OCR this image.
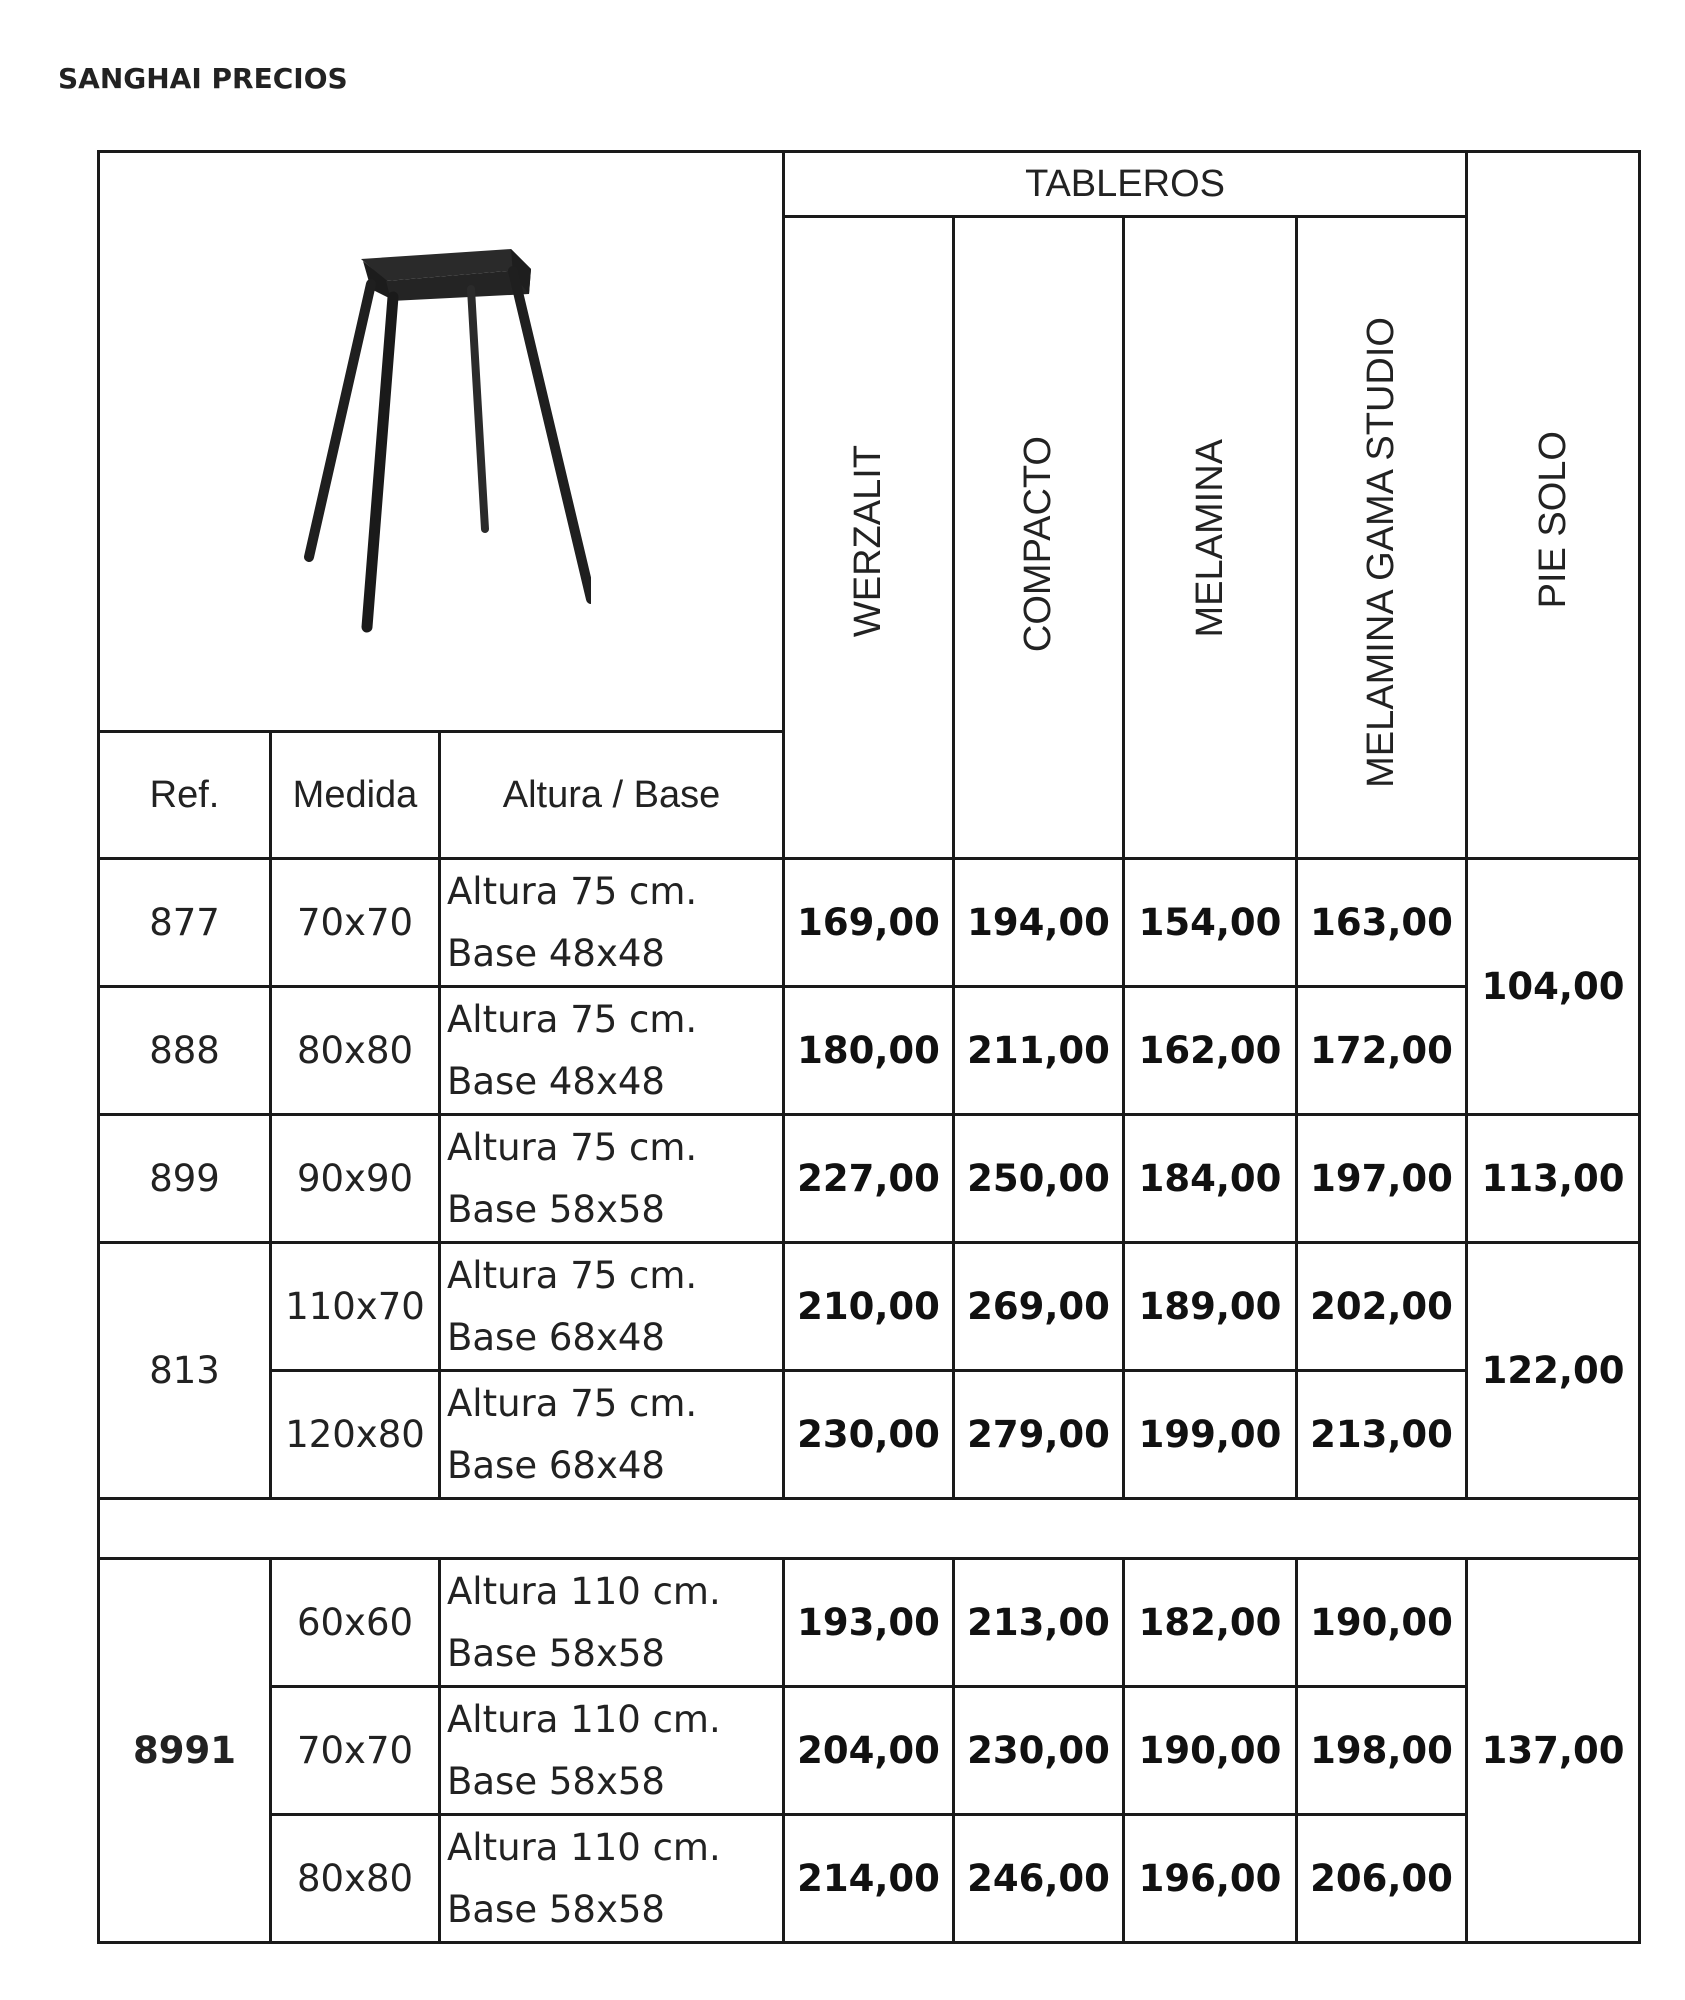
SANGHAI PRECIOS
	TABLEROS				PIE SOLO

			WERZALIT	COMPACTO	MELAMINA	MELAMINA GAMA STUDIO	

Ref.	Medida	Altura / Base					
877	70x70	Altura 75 cm.
Base 48x48	169,00	194,00	154,00	163,00	104,00
888	80x80	Altura 75 cm.
Base 48x48	180,00	211,00	162,00	172,00	
899	90x90	Altura 75 cm.
Base 58x58	227,00	250,00	184,00	197,00	113,00
813	110x70	Altura 75 cm.
Base 68x48	210,00	269,00	189,00	202,00	122,00
	120x80	Altura 75 cm.
Base 68x48	230,00	279,00	199,00	213,00	

8991	60x60	Altura 110 cm.
Base 58x58	193,00	213,00	182,00	190,00	137,00
	70x70	Altura 110 cm.
Base 58x58	204,00	230,00	190,00	198,00	
	80x80	Altura 110 cm.
Base 58x58	214,00	246,00	196,00	206,00	
